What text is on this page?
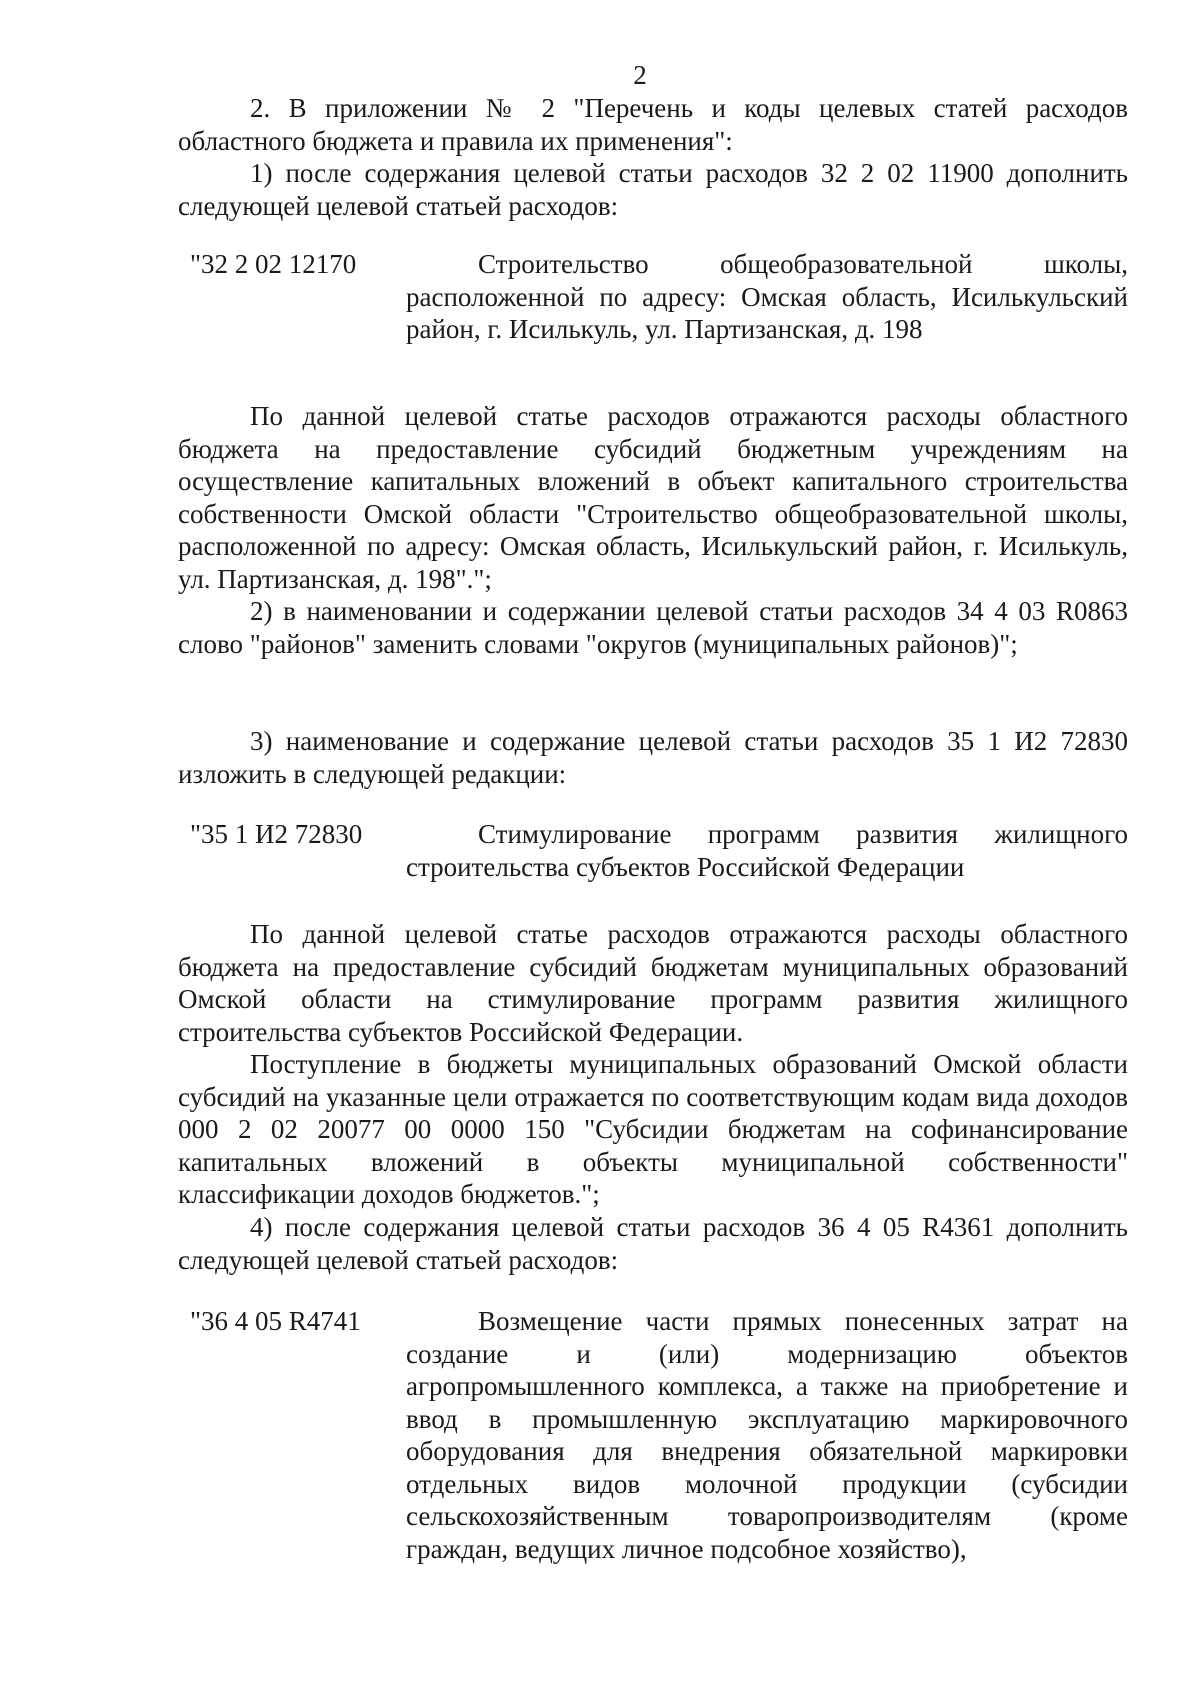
2

2. В приложении № 2 "Перечень и коды целевых статей расходов областного бюджета и правила их применения":

1) после содержания целевой статьи расходов 32 2 02 11900 дополнить следующей целевой статьей расходов:

"32 2 02 12170	Строительство общеобразовательной школы, расположенной по адресу: Омская область, Исилькульский район, г. Исилькуль, ул. Партизанская, д. 198

По данной целевой статье расходов отражаются расходы областного бюджета на предоставление субсидий бюджетным учреждениям на осуществление капитальных вложений в объект капитального строительства собственности Омской области "Строительство общеобразовательной школы, расположенной по адресу: Омская область, Исилькульский район, г. Исилькуль, ул. Партизанская, д. 198".";

2) в наименовании и содержании целевой статьи расходов 34 4 03 R0863 слово "районов" заменить словами "округов (муниципальных районов)";

3) наименование и содержание целевой статьи расходов 35 1 И2 72830 изложить в следующей редакции:

"35 1 И2 72830	Стимулирование программ развития жилищного строительства субъектов Российской Федерации

По данной целевой статье расходов отражаются расходы областного бюджета на предоставление субсидий бюджетам муниципальных образований Омской области на стимулирование программ развития жилищного строительства субъектов Российской Федерации.

Поступление в бюджеты муниципальных образований Омской области субсидий на указанные цели отражается по соответствующим кодам вида доходов 000 2 02 20077 00 0000 150 "Субсидии бюджетам на софинансирование капитальных вложений в объекты муниципальной собственности" классификации доходов бюджетов.";

4) после содержания целевой статьи расходов 36 4 05 R4361 дополнить следующей целевой статьей расходов:

"36 4 05 R4741	Возмещение части прямых понесенных затрат на создание и (или) модернизацию объектов агропромышленного комплекса, а также на приобретение и ввод в промышленную эксплуатацию маркировочного оборудования для внедрения обязательной маркировки отдельных видов молочной продукции (субсидии сельскохозяйственным товаропроизводителям (кроме граждан, ведущих личное подсобное хозяйство),
